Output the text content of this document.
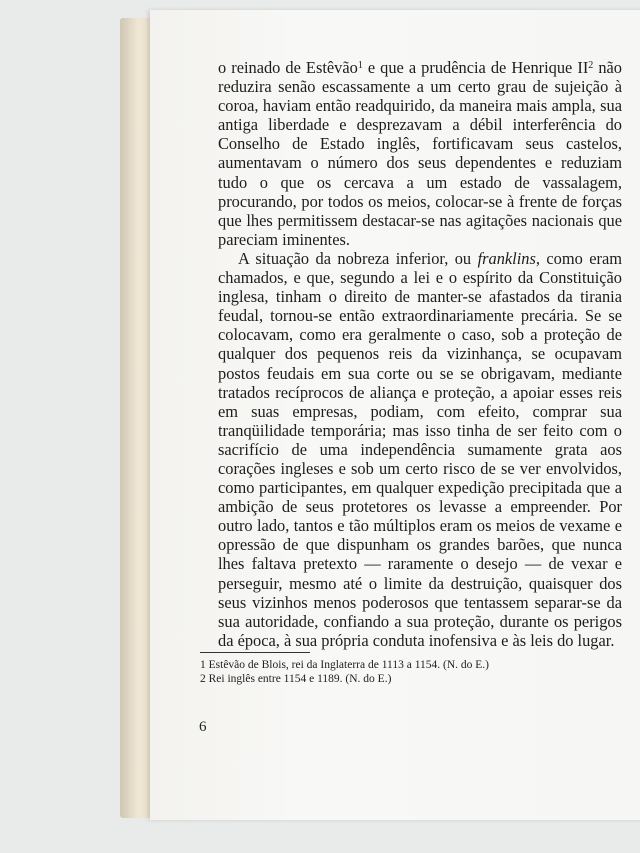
o reinado de Estêvão$^1$ e que a prudência de Henrique $II^2$ não reduzira senão escassamente a um certo grau de sujeição à coroa, haviam então readquirido, da maneira mais ampla, sua antiga liberdade e desprezavam a débil interferência do Conselho de Estado inglês, fortificavam seus castelos, aumentavam o número dos seus dependentes e reduziam tudo o que os cercava a um estado de vassalagem, procurando, por todos os meios, colocar-se à frente de forças que lhes permitissem destacar-se nas agitações nacionais que pareciam iminentes.

A situação da nobreza inferior, ou franklins, como eram chamados, e que, segundo a lei e o espírito da Constituição inglesa, tinham o direito de manter-se afastados da tirania feudal, tornou-se então extraordinariamente precária. Se se colocavam, como era geralmente o caso, sob a proteção de qualquer dos pequenos reis da vizinhança, se ocupavam postos feudais em sua corte ou se se obrigavam, mediante tratados recíprocos de aliança e proteção, a apoiar esses reis em suas empresas, podiam, com efeito, comprar sua tranqüilidade temporária; mas isso tinha de ser feito com o sacrifício de uma independência sumamente grata aos corações ingleses e sob um certo risco de se ver envolvidos, como participantes, em qualquer expedição precipitada que a ambição de seus protetores os levasse a empreender. Por outro lado, tantos e tão múltiplos eram os meios de vexame e opressão de que dispunham os grandes barões, que nunca lhes faltava pretexto — raramente o desejo — de vexar e perseguir, mesmo até o limite da destruição, quaisquer dos seus vizinhos menos poderosos que tentassem separar-se da sua autoridade, confiando a sua proteção, durante os perigos da época, à sua própria conduta inofensiva e às leis do lugar.

1 Estêvão de Blois, rei da Inglaterra de 1113 a 1154. (N. do E.)
2 Rei inglês entre 1154 e 1189. (N. do E.)
6
